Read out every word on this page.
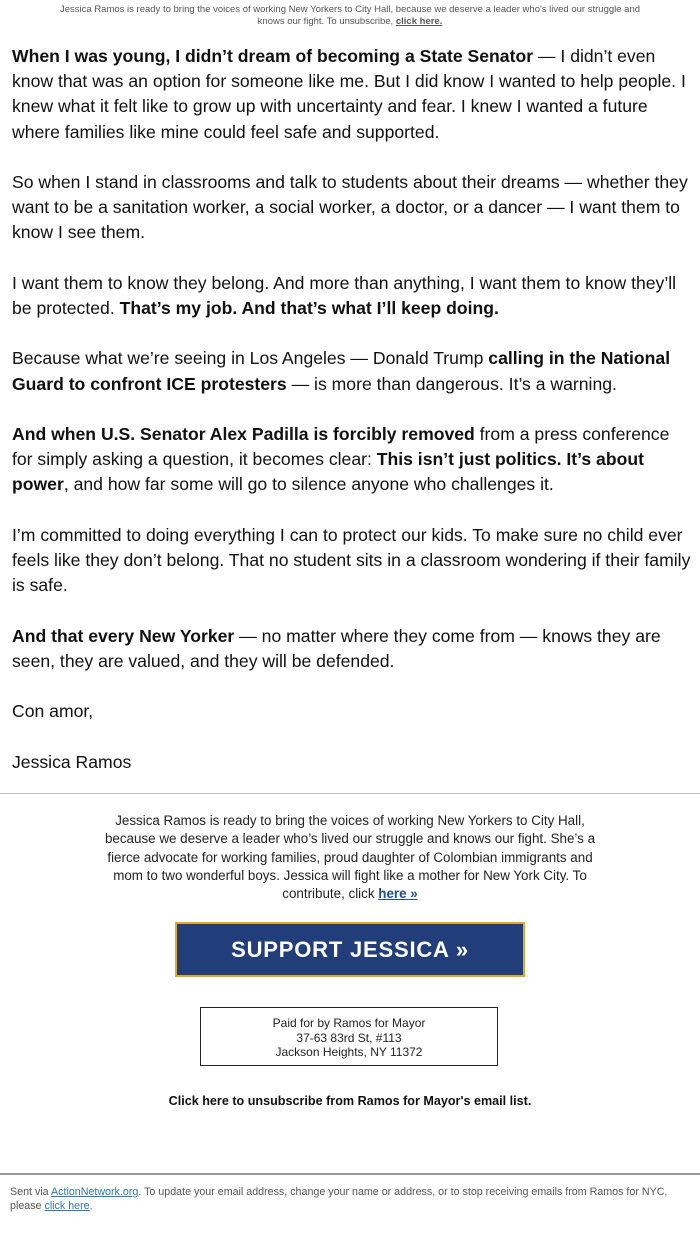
Jessica Ramos is ready to bring the voices of working New Yorkers to City Hall, because we deserve a leader who's lived our struggle and knows our fight. To unsubscribe, click here.

When I was young, I didn’t dream of becoming a State Senator — I didn’t even know that was an option for someone like me. But I did know I wanted to help people. I knew what it felt like to grow up with uncertainty and fear. I knew I wanted a future where families like mine could feel safe and supported.

So when I stand in classrooms and talk to students about their dreams — whether they want to be a sanitation worker, a social worker, a doctor, or a dancer — I want them to know I see them.

I want them to know they belong. And more than anything, I want them to know they’ll be protected. That’s my job. And that’s what I’ll keep doing.

Because what we’re seeing in Los Angeles — Donald Trump calling in the National Guard to confront ICE protesters — is more than dangerous. It’s a warning.

And when U.S. Senator Alex Padilla is forcibly removed from a press conference for simply asking a question, it becomes clear: This isn’t just politics. It’s about power, and how far some will go to silence anyone who challenges it.

I’m committed to doing everything I can to protect our kids. To make sure no child ever feels like they don’t belong. That no student sits in a classroom wondering if their family is safe.

And that every New Yorker — no matter where they come from — knows they are seen, they are valued, and they will be defended.

Con amor,

Jessica Ramos

Jessica Ramos is ready to bring the voices of working New Yorkers to City Hall, because we deserve a leader who’s lived our struggle and knows our fight. She’s a fierce advocate for working families, proud daughter of Colombian immigrants and mom to two wonderful boys. Jessica will fight like a mother for New York City. To contribute, click here »
SUPPORT JESSICA »
Paid for by Ramos for Mayor
37-63 83rd St, #113
Jackson Heights, NY 11372
Click here to unsubscribe from Ramos for Mayor's email list.
Sent via ActionNetwork.org. To update your email address, change your name or address, or to stop receiving emails from Ramos for NYC, please click here.
